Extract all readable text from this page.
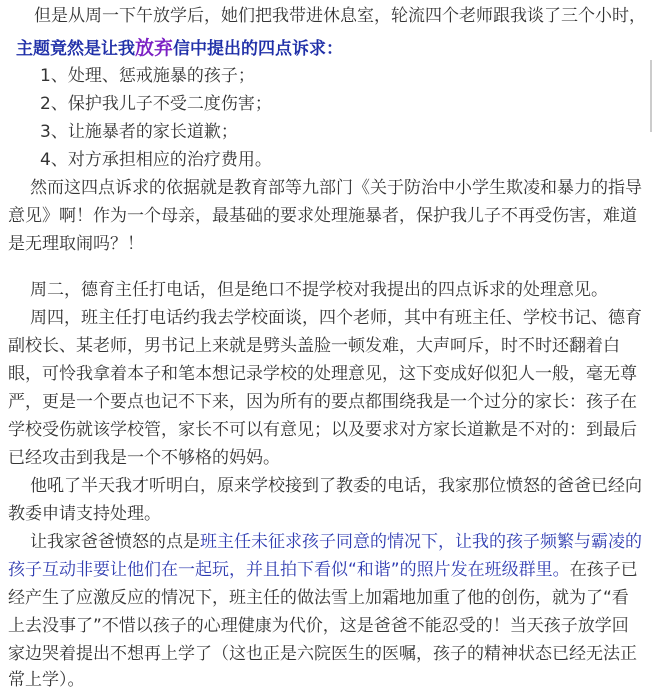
但是从周一下午放学后，她们把我带进休息室，轮流四个老师跟我谈了三个小时，
主题竟然是让我放弃信中提出的四点诉求：
1、处理、惩戒施暴的孩子；
2、保护我儿子不受二度伤害；
3、让施暴者的家长道歉；
4、对方承担相应的治疗费用。
然而这四点诉求的依据就是教育部等九部门《关于防治中小学生欺凌和暴力的指导
意见》啊！作为一个母亲，最基础的要求处理施暴者，保护我儿子不再受伤害，难道
是无理取闹吗？！
周二，德育主任打电话，但是绝口不提学校对我提出的四点诉求的处理意见。
周四，班主任打电话约我去学校面谈，四个老师，其中有班主任、学校书记、德育
副校长、某老师，男书记上来就是劈头盖脸一顿发难，大声呵斥，时不时还翻着白
眼，可怜我拿着本子和笔本想记录学校的处理意见，这下变成好似犯人一般，毫无尊
严，更是一个要点也记不下来，因为所有的要点都围绕我是一个过分的家长：孩子在
学校受伤就该学校管，家长不可以有意见；以及要求对方家长道歉是不对的：到最后
已经攻击到我是一个不够格的妈妈。
他吼了半天我才听明白，原来学校接到了教委的电话，我家那位愤怒的爸爸已经向
教委申请支持处理。
让我家爸爸愤怒的点是班主任未征求孩子同意的情况下，让我的孩子频繁与霸凌的
孩子互动非要让他们在一起玩，并且拍下看似“和谐”的照片发在班级群里。在孩子已
经产生了应激反应的情况下，班主任的做法雪上加霜地加重了他的创伤，就为了“看
上去没事了”不惜以孩子的心理健康为代价，这是爸爸不能忍受的！当天孩子放学回
家边哭着提出不想再上学了（这也正是六院医生的医嘱，孩子的精神状态已经无法正
常上学）。
